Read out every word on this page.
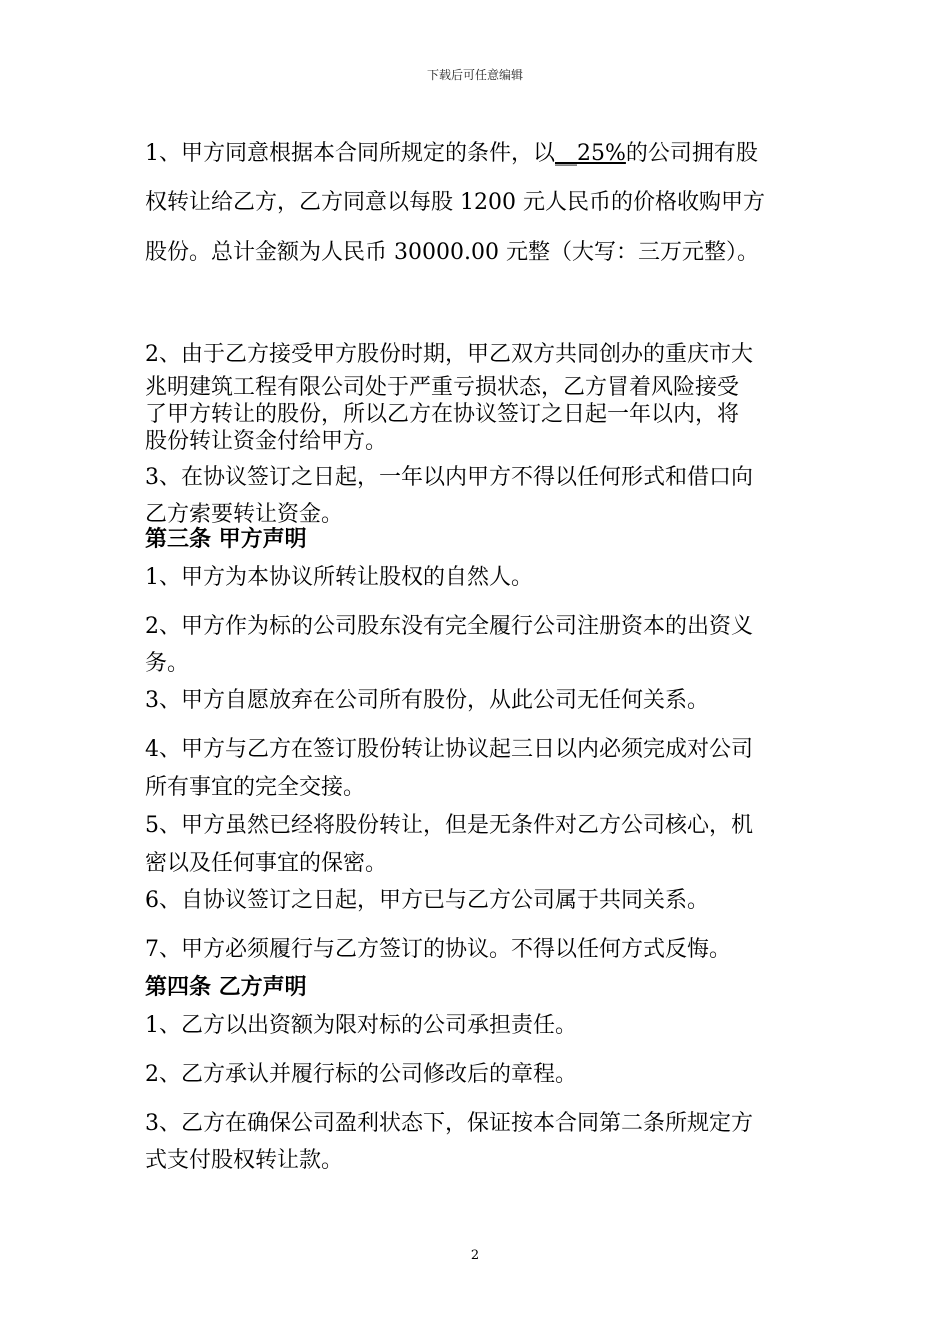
下载后可任意编辑

1、甲方同意根据本合同所规定的条件，以__25%的公司拥有股

权转让给乙方，乙方同意以每股 1200 元人民币的价格收购甲方

股份。总计金额为人民币 30000.00 元整（大写：三万元整）。

2、由于乙方接受甲方股份时期，甲乙双方共同创办的重庆市大

兆明建筑工程有限公司处于严重亏损状态，乙方冒着风险接受

了甲方转让的股份，所以乙方在协议签订之日起一年以内，将

股份转让资金付给甲方。

3、在协议签订之日起，一年以内甲方不得以任何形式和借口向

乙方索要转让资金。

第三条 甲方声明

1、甲方为本协议所转让股权的自然人。

2、甲方作为标的公司股东没有完全履行公司注册资本的出资义

务。

3、甲方自愿放弃在公司所有股份，从此公司无任何关系。

4、甲方与乙方在签订股份转让协议起三日以内必须完成对公司

所有事宜的完全交接。

5、甲方虽然已经将股份转让，但是无条件对乙方公司核心，机

密以及任何事宜的保密。

6、自协议签订之日起，甲方已与乙方公司属于共同关系。

7、甲方必须履行与乙方签订的协议。不得以任何方式反悔。

第四条 乙方声明

1、乙方以出资额为限对标的公司承担责任。

2、乙方承认并履行标的公司修改后的章程。

3、乙方在确保公司盈利状态下，保证按本合同第二条所规定方

式支付股权转让款。

2
